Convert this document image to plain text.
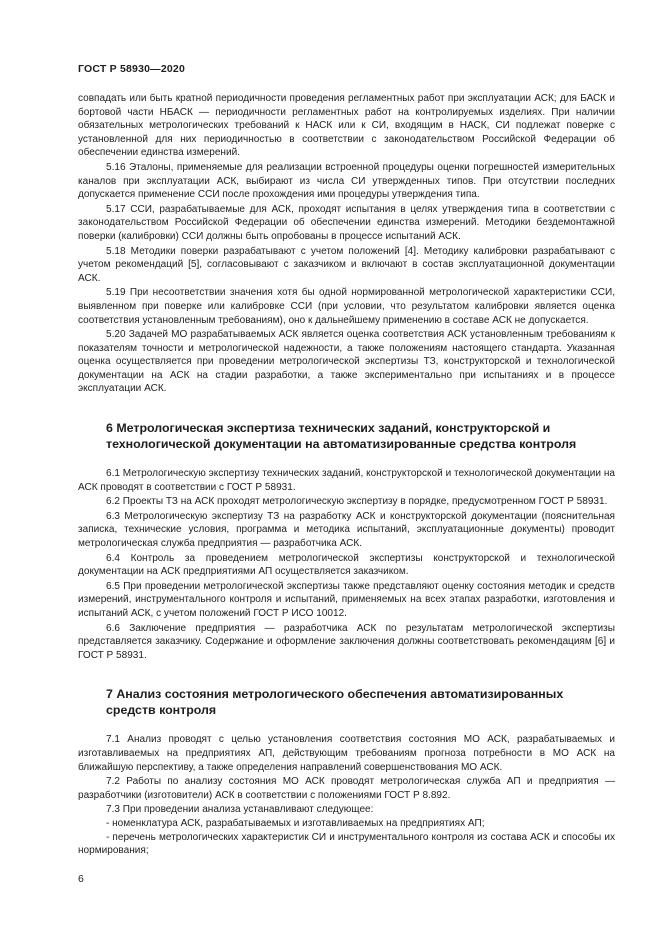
ГОСТ Р 58930—2020

совпадать или быть кратной периодичности проведения регламентных работ при эксплуатации АСК; для БАСК и бортовой части НБАСК — периодичности регламентных работ на контролируемых изделиях. При наличии обязательных метрологических требований к НАСК или к СИ, входящим в НАСК, СИ подлежат поверке с установленной для них периодичностью в соответствии с законодательством Российской Федерации об обеспечении единства измерений.

5.16 Эталоны, применяемые для реализации встроенной процедуры оценки погрешностей измерительных каналов при эксплуатации АСК, выбирают из числа СИ утвержденных типов. При отсутствии последних допускается применение ССИ после прохождения ими процедуры утверждения типа.

5.17 ССИ, разрабатываемые для АСК, проходят испытания в целях утверждения типа в соответствии с законодательством Российской Федерации об обеспечении единства измерений. Методики бездемонтажной поверки (калибровки) ССИ должны быть опробованы в процессе испытаний АСК.

5.18 Методики поверки разрабатывают с учетом положений [4]. Методику калибровки разрабатывают с учетом рекомендаций [5], согласовывают с заказчиком и включают в состав эксплуатационной документации АСК.

5.19 При несоответствии значения хотя бы одной нормированной метрологической характеристики ССИ, выявленном при поверке или калибровке ССИ (при условии, что результатом калибровки является оценка соответствия установленным требованиям), оно к дальнейшему применению в составе АСК не допускается.

5.20 Задачей МО разрабатываемых АСК является оценка соответствия АСК установленным требованиям к показателям точности и метрологической надежности, а также положениям настоящего стандарта. Указанная оценка осуществляется при проведении метрологической экспертизы ТЗ, конструкторской и технологической документации на АСК на стадии разработки, а также экспериментально при испытаниях и в процессе эксплуатации АСК.

6 Метрологическая экспертиза технических заданий, конструкторской и технологической документации на автоматизированные средства контроля

6.1 Метрологическую экспертизу технических заданий, конструкторской и технологической документации на АСК проводят в соответствии с ГОСТ Р 58931.

6.2 Проекты ТЗ на АСК проходят метрологическую экспертизу в порядке, предусмотренном ГОСТ Р 58931.

6.3 Метрологическую экспертизу ТЗ на разработку АСК и конструкторской документации (пояснительная записка, технические условия, программа и методика испытаний, эксплуатационные документы) проводит метрологическая служба предприятия — разработчика АСК.

6.4 Контроль за проведением метрологической экспертизы конструкторской и технологической документации на АСК предприятиями АП осуществляется заказчиком.

6.5 При проведении метрологической экспертизы также представляют оценку состояния методик и средств измерений, инструментального контроля и испытаний, применяемых на всех этапах разработки, изготовления и испытаний АСК, с учетом положений ГОСТ Р ИСО 10012.

6.6 Заключение предприятия — разработчика АСК по результатам метрологической экспертизы представляется заказчику. Содержание и оформление заключения должны соответствовать рекомендациям [6] и ГОСТ Р 58931.

7 Анализ состояния метрологического обеспечения автоматизированных средств контроля

7.1 Анализ проводят с целью установления соответствия состояния МО АСК, разрабатываемых и изготавливаемых на предприятиях АП, действующим требованиям прогноза потребности в МО АСК на ближайшую перспективу, а также определения направлений совершенствования МО АСК.

7.2 Работы по анализу состояния МО АСК проводят метрологическая служба АП и предприятия — разработчики (изготовители) АСК в соответствии с положениями ГОСТ Р 8.892.

7.3 При проведении анализа устанавливают следующее:

- номенклатура АСК, разрабатываемых и изготавливаемых на предприятиях АП;

- перечень метрологических характеристик СИ и инструментального контроля из состава АСК и способы их нормирования;

6
